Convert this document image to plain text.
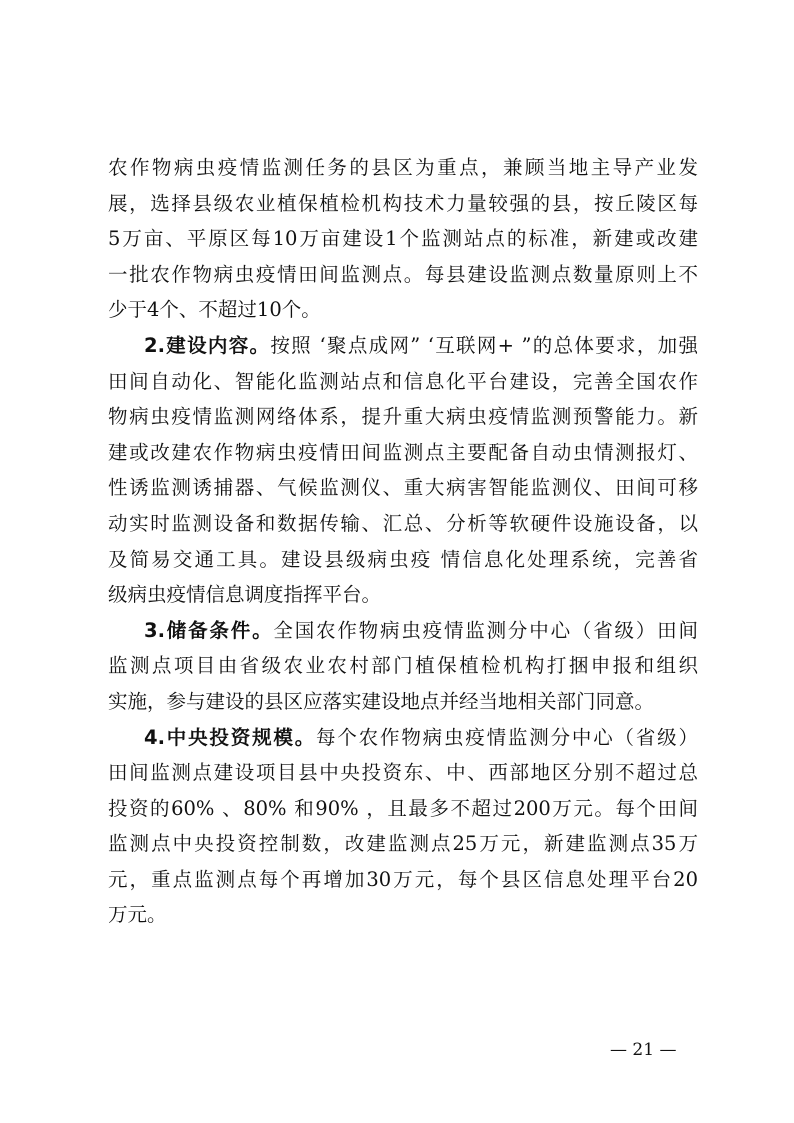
农作物病虫疫情监测任务的县区为重点，兼顾当地主导产业发
展，选择县级农业植保植检机构技术力量较强的县，按丘陵区每
5万亩、平原区每10万亩建设1个监测站点的标准，新建或改建
一批农作物病虫疫情田间监测点。每县建设监测点数量原则上不
少于4个、不超过10个。
2.建设内容。按照 ‘聚点成网” ‘互联网+ ”的总体要求，加强
田间自动化、智能化监测站点和信息化平台建设，完善全国农作
物病虫疫情监测网络体系，提升重大病虫疫情监测预警能力。新
建或改建农作物病虫疫情田间监测点主要配备自动虫情测报灯、
性诱监测诱捕器、气候监测仪、重大病害智能监测仪、田间可移
动实时监测设备和数据传输、汇总、分析等软硬件设施设备，以
及简易交通工具。建设县级病虫疫 情信息化处理系统，完善省
级病虫疫情信息调度指挥平台。
3.储备条件。全国农作物病虫疫情监测分中心（省级）田间
监测点项目由省级农业农村部门植保植检机构打捆申报和组织
实施，参与建设的县区应落实建设地点并经当地相关部门同意。
4.中央投资规模。每个农作物病虫疫情监测分中心（省级）
田间监测点建设项目县中央投资东、中、西部地区分别不超过总
投资的60% 、80% 和90% ，且最多不超过200万元。每个田间
监测点中央投资控制数，改建监测点25万元，新建监测点35万
元，重点监测点每个再增加30万元，每个县区信息处理平台20
万元。
— 21 —
